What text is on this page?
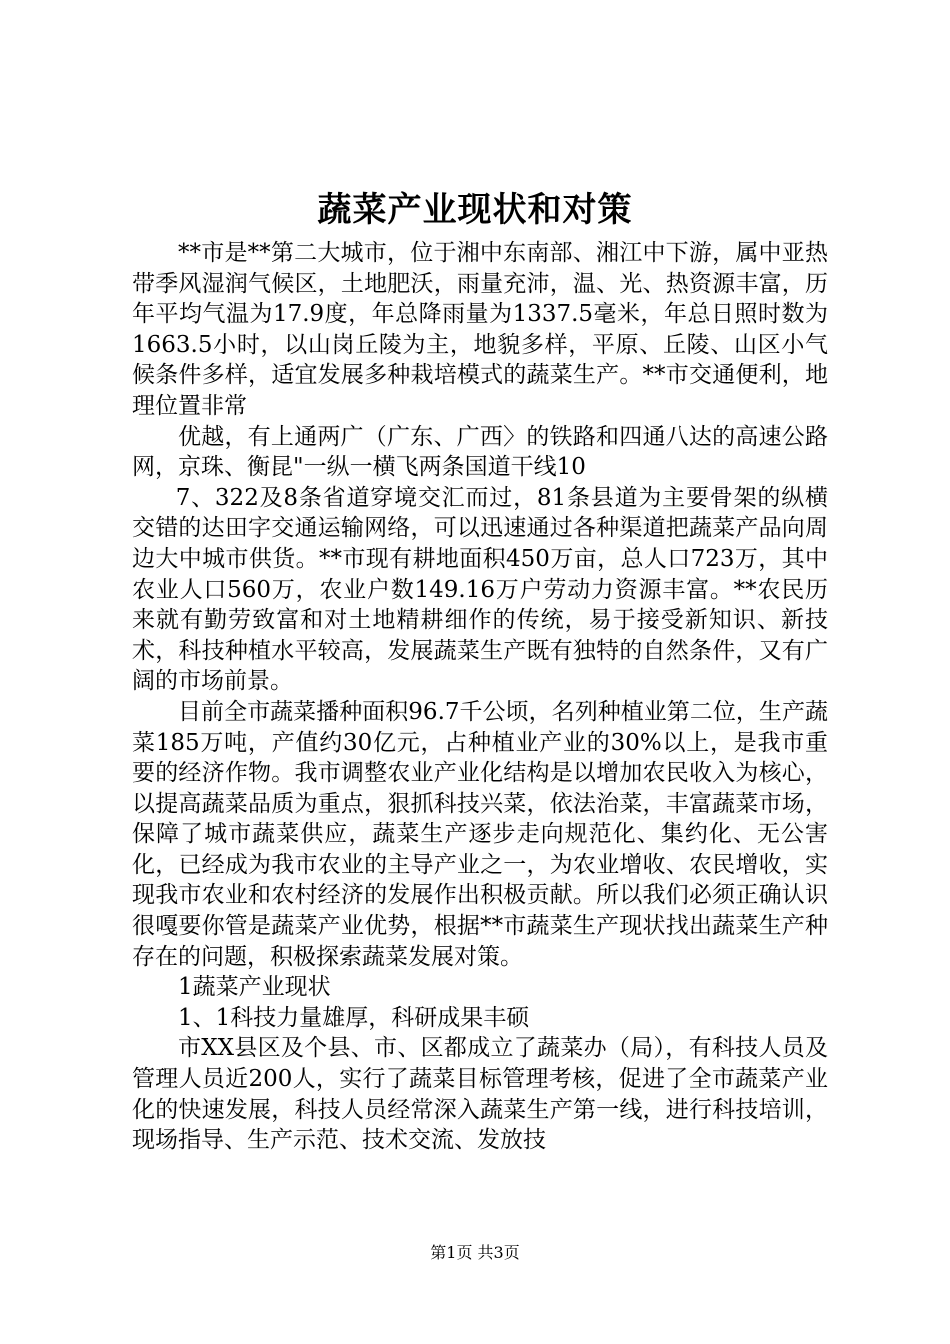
蔬菜产业现状和对策

**市是**第二大城市，位于湘中东南部、湘江中下游，属中亚热带季风湿润气候区，土地肥沃，雨量充沛，温、光、热资源丰富，历年平均气温为17.9度，年总降雨量为1337.5毫米，年总日照时数为1663.5小时，以山岗丘陵为主，地貌多样，平原、丘陵、山区小气候条件多样，适宜发展多种栽培模式的蔬菜生产。**市交通便利，地理位置非常

优越，有上通两广（广东、广西〉的铁路和四通八达的高速公路网，京珠、衡昆"一纵一横飞两条国道干线10

7、322及8条省道穿境交汇而过，81条县道为主要骨架的纵横交错的达田字交通运输网络，可以迅速通过各种渠道把蔬菜产品向周边大中城市供货。**市现有耕地面积450万亩，总人口723万，其中农业人口560万，农业户数149.16万户劳动力资源丰富。**农民历来就有勤劳致富和对土地精耕细作的传统，易于接受新知识、新技术，科技种植水平较高，发展蔬菜生产既有独特的自然条件，又有广阔的市场前景。

目前全市蔬菜播种面积96.7千公顷，名列种植业第二位，生产蔬菜185万吨，产值约30亿元，占种植业产业的30%以上，是我市重要的经济作物。我市调整农业产业化结构是以增加农民收入为核心，以提高蔬菜品质为重点，狠抓科技兴菜，依法治菜，丰富蔬菜市场，保障了城市蔬菜供应，蔬菜生产逐步走向规范化、集约化、无公害化，已经成为我市农业的主导产业之一，为农业增收、农民增收，实现我市农业和农村经济的发展作出积极贡献。所以我们必须正确认识很嘎要你管是蔬菜产业优势，根据**市蔬菜生产现状找出蔬菜生产种存在的问题，积极探索蔬菜发展对策。

1蔬菜产业现状

1、1科技力量雄厚，科研成果丰硕

市XX县区及个县、市、区都成立了蔬菜办（局），有科技人员及管理人员近200人，实行了蔬菜目标管理考核，促进了全市蔬菜产业化的快速发展，科技人员经常深入蔬菜生产第一线，进行科技培训，现场指导、生产示范、技术交流、发放技

第1页 共3页
